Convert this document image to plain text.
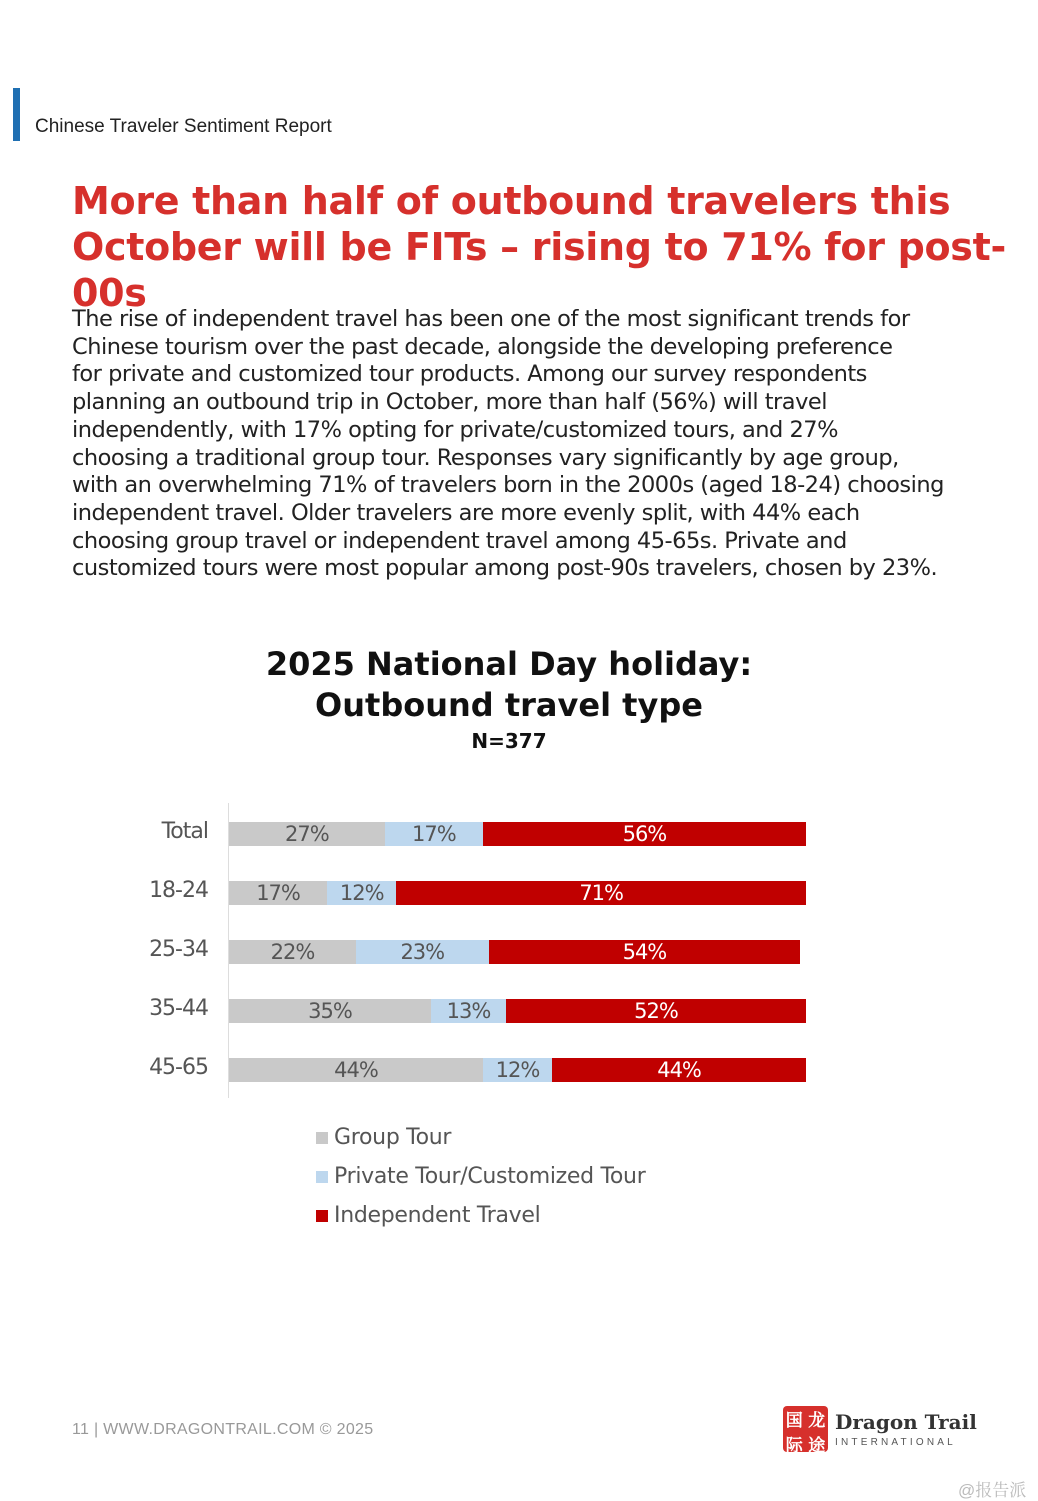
Chinese Traveler Sentiment Report
More than half of outbound travelers this
October will be FITs – rising to 71% for post-00s
The rise of independent travel has been one of the most significant trends for
Chinese tourism over the past decade, alongside the developing preference
for private and customized tour products. Among our survey respondents
planning an outbound trip in October, more than half (56%) will travel
independently, with 17% opting for private/customized tours, and 27%
choosing a traditional group tour. Responses vary significantly by age group,
with an overwhelming 71% of travelers born in the 2000s (aged 18-24) choosing
independent travel. Older travelers are more evenly split, with 44% each
choosing group travel or independent travel among 45-65s. Private and
customized tours were most popular among post-90s travelers, chosen by 23%.
2025 National Day holiday:
Outbound travel type
N=377
Total	27%	17%	56%
18-24 17% 12%	71%
25-34	22%	23%	54%
35-44	35%	13%	52%
45-65	44%	12%	44%
Group Tour
Private Tour/Customized Tour
Independent Travel
11 | WWW.DRAGONTRAIL.COM © 2025	国 龙
际 途
Dragon Trail
INTERNATIONAL
@报告派
